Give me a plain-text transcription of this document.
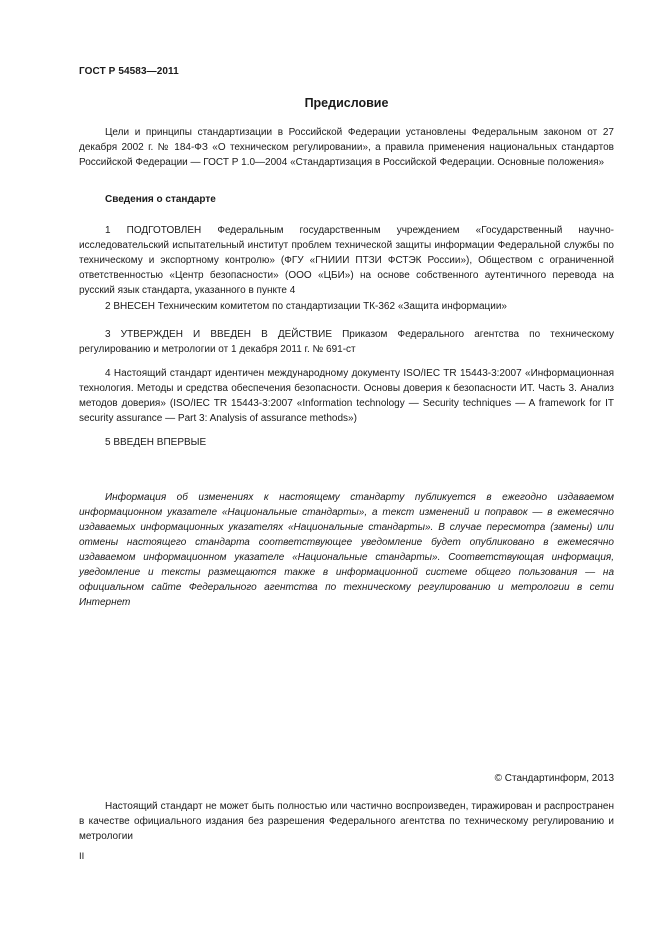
ГОСТ Р 54583—2011
Предисловие

Цели и принципы стандартизации в Российской Федерации установлены Федеральным законом от 27 декабря 2002 г. № 184-ФЗ «О техническом регулировании», а правила применения национальных стандартов Российской Федерации — ГОСТ Р 1.0—2004 «Стандартизация в Российской Федерации. Основные положения»

Сведения о стандарте

1 ПОДГОТОВЛЕН Федеральным государственным учреждением «Государственный научно-исследовательский испытательный институт проблем технической защиты информации Федеральной службы по техническому и экспортному контролю» (ФГУ «ГНИИИ ПТЗИ ФСТЭК России»), Обществом с ограниченной ответственностью «Центр безопасности» (ООО «ЦБИ») на основе собственного аутентичного перевода на русский язык стандарта, указанного в пункте 4

2 ВНЕСЕН Техническим комитетом по стандартизации ТК-362 «Защита информации»

3 УТВЕРЖДЕН И ВВЕДЕН В ДЕЙСТВИЕ Приказом Федерального агентства по техническому регулированию и метрологии от 1 декабря 2011 г. № 691-ст

4 Настоящий стандарт идентичен международному документу ISO/IEC TR 15443-3:2007 «Информационная технология. Методы и средства обеспечения безопасности. Основы доверия к безопасности ИТ. Часть 3. Анализ методов доверия» (ISO/IEC TR 15443-3:2007 «Information technology — Security techniques — A framework for IT security assurance — Part 3: Analysis of assurance methods»)

5 ВВЕДЕН ВПЕРВЫЕ

Информация об изменениях к настоящему стандарту публикуется в ежегодно издаваемом информационном указателе «Национальные стандарты», а текст изменений и поправок — в ежемесячно издаваемых информационных указателях «Национальные стандарты». В случае пересмотра (замены) или отмены настоящего стандарта соответствующее уведомление будет опубликовано в ежемесячно издаваемом информационном указателе «Национальные стандарты». Соответствующая информация, уведомление и тексты размещаются также в информационной системе общего пользования — на официальном сайте Федерального агентства по техническому регулированию и метрологии в сети Интернет

© Стандартинформ, 2013

Настоящий стандарт не может быть полностью или частично воспроизведен, тиражирован и распространен в качестве официального издания без разрешения Федерального агентства по техническому регулированию и метрологии

II
